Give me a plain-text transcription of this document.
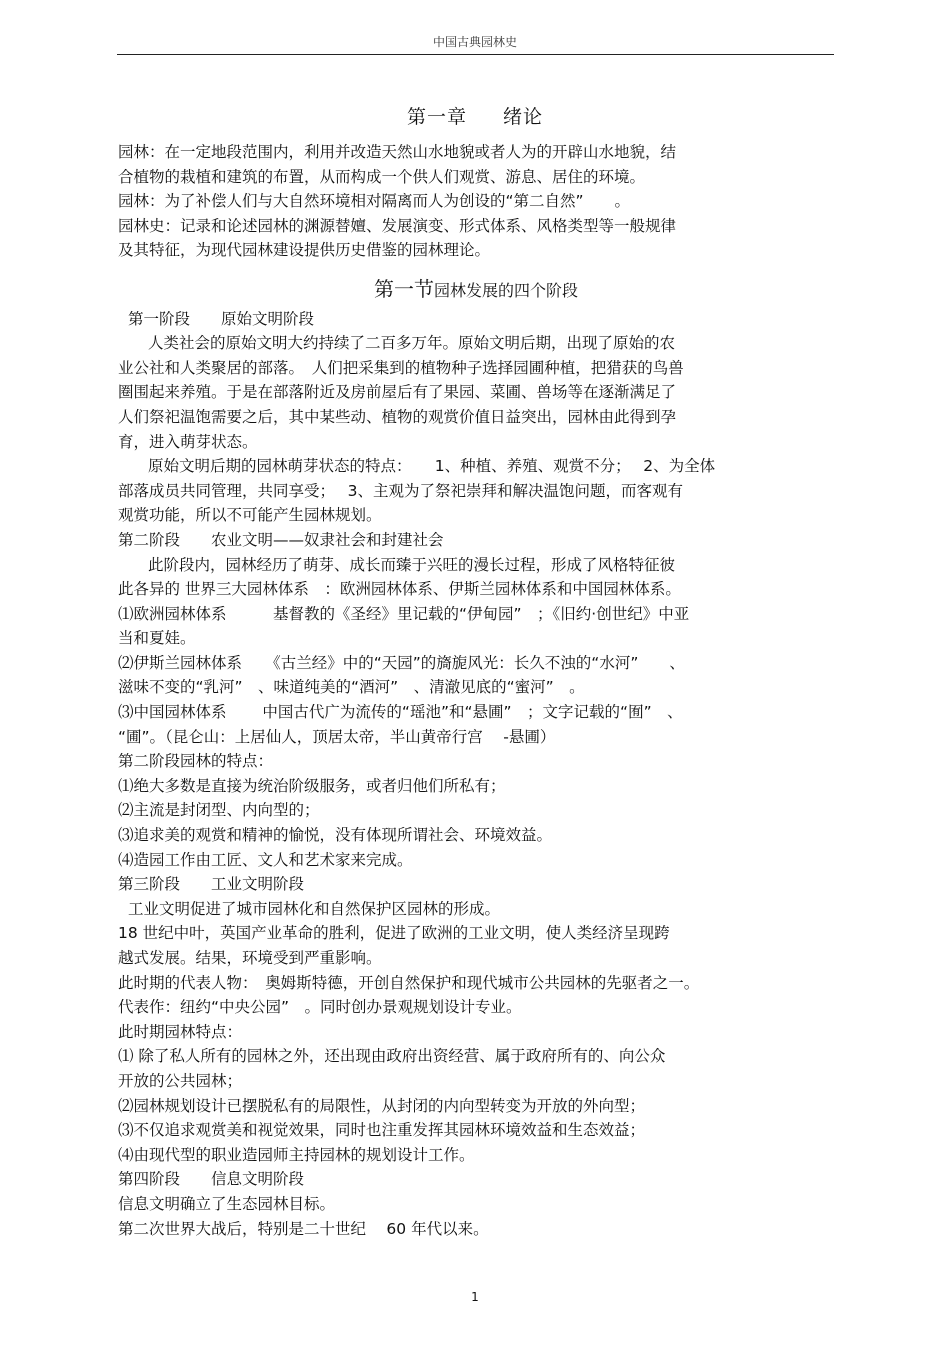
中国古典园林史
第一章 绪论

园林：在一定地段范围内，利用并改造天然山水地貌或者人为的开辟山水地貌，结

合植物的栽植和建筑的布置，从而构成一个供人们观赏、游息、居住的环境。

园林：为了补偿人们与大自然环境相对隔离而人为创设的“第二自然”　　。

园林史：记录和论述园林的渊源替嬗、发展演变、形式体系、风格类型等一般规律

及其特征，为现代园林建设提供历史借鉴的园林理论。

第一节园林发展的四个阶段

第一阶段　　原始文明阶段

人类社会的原始文明大约持续了二百多万年。原始文明后期，出现了原始的农

业公社和人类聚居的部落。　人们把采集到的植物种子选择园圃种植，把猎获的鸟兽

圈围起来养殖。于是在部落附近及房前屋后有了果园、菜圃、兽场等在逐渐满足了

人们祭祀温饱需要之后，其中某些动、植物的观赏价值日益突出，园林由此得到孕

育，进入萌芽状态。

原始文明后期的园林萌芽状态的特点：　　1、种植、养殖、观赏不分；　 2、为全体

部落成员共同管理，共同享受；　 3、主观为了祭祀崇拜和解决温饱问题，而客观有

观赏功能，所以不可能产生园林规划。

第二阶段　　农业文明——奴隶社会和封建社会

此阶段内，园林经历了萌芽、成长而臻于兴旺的漫长过程，形成了风格特征彼

此各异的 世界三大园林体系　：欧洲园林体系、伊斯兰园林体系和中国园林体系。

⑴欧洲园林体系　　　基督教的《圣经》里记载的“伊甸园”　；《旧约·创世纪》中亚

当和夏娃。

⑵伊斯兰园林体系　　《古兰经》中的“天园”的旖旎风光：长久不浊的“水河”　　、

滋味不变的“乳河”　、味道纯美的“酒河”　、清澈见底的“蜜河”　。

⑶中国园林体系　　 中国古代广为流传的“瑶池”和“悬圃”　；文字记载的“囿”　、

“圃”。（昆仑山：上居仙人，顶居太帝，半山黄帝行宫　 -悬圃）

第二阶段园林的特点：

⑴绝大多数是直接为统治阶级服务，或者归他们所私有；

⑵主流是封闭型、内向型的；

⑶追求美的观赏和精神的愉悦，没有体现所谓社会、环境效益。

⑷造园工作由工匠、文人和艺术家来完成。

第三阶段　　工业文明阶段

工业文明促进了城市园林化和自然保护区园林的形成。

18 世纪中叶，英国产业革命的胜利，促进了欧洲的工业文明，使人类经济呈现跨

越式发展。结果，环境受到严重影响。

此时期的代表人物：　奥姆斯特德，开创自然保护和现代城市公共园林的先驱者之一。

代表作：纽约“中央公园”　。同时创办景观规划设计专业。

此时期园林特点：

⑴ 除了私人所有的园林之外，还出现由政府出资经营、属于政府所有的、向公众

开放的公共园林；

⑵园林规划设计已摆脱私有的局限性，从封闭的内向型转变为开放的外向型；

⑶不仅追求观赏美和视觉效果，同时也注重发挥其园林环境效益和生态效益；

⑷由现代型的职业造园师主持园林的规划设计工作。

第四阶段　　信息文明阶段

信息文明确立了生态园林目标。

第二次世界大战后，特别是二十世纪　 60 年代以来。

1
